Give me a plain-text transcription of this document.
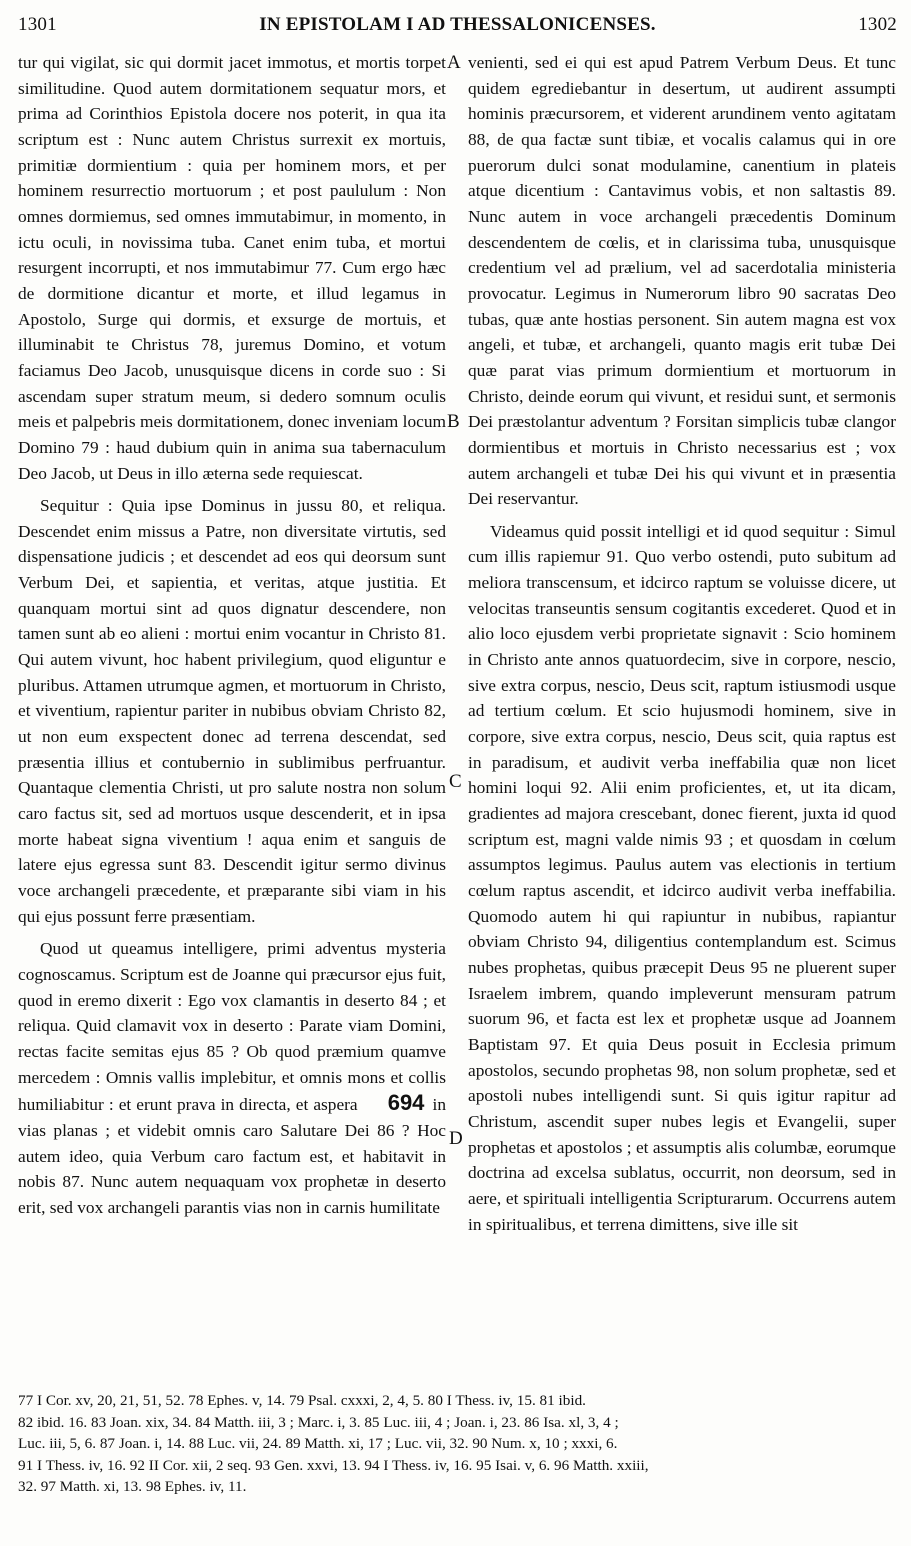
1301	IN EPISTOLAM I AD THESSALONICENSES.	1302
A
B
C
D

tur qui vigilat, sic qui dormit jacet immotus, et mortis torpet similitudine. Quod autem dormitationem sequatur mors, et prima ad Corinthios Epistola docere nos poterit, in qua ita scriptum est : Nunc autem Christus surrexit ex mortuis, primitiæ dormientium : quia per hominem mors, et per hominem resurrectio mortuorum ; et post paululum : Non omnes dormiemus, sed omnes immutabimur, in momento, in ictu oculi, in novissima tuba. Canet enim tuba, et mortui resurgent incorrupti, et nos immutabimur 77. Cum ergo hæc de dormitione dicantur et morte, et illud legamus in Apostolo, Surge qui dormis, et exsurge de mortuis, et illuminabit te Christus 78, juremus Domino, et votum faciamus Deo Jacob, unusquisque dicens in corde suo : Si ascendam super stratum meum, si dedero somnum oculis meis et palpebris meis dormitationem, donec inveniam locum Domino 79 : haud dubium quin in anima sua tabernaculum Deo Jacob, ut Deus in illo æterna sede requiescat.

Sequitur : Quia ipse Dominus in jussu 80, et reliqua. Descendet enim missus a Patre, non diversitate virtutis, sed dispensatione judicis ; et descendet ad eos qui deorsum sunt Verbum Dei, et sapientia, et veritas, atque justitia. Et quanquam mortui sint ad quos dignatur descendere, non tamen sunt ab eo alieni : mortui enim vocantur in Christo 81. Qui autem vivunt, hoc habent privilegium, quod eliguntur e pluribus. Attamen utrumque agmen, et mortuorum in Christo, et viventium, rapientur pariter in nubibus obviam Christo 82, ut non eum exspectent donec ad terrena descendat, sed præsentia illius et contubernio in sublimibus perfruantur. Quantaque clementia Christi, ut pro salute nostra non solum caro factus sit, sed ad mortuos usque descenderit, et in ipsa morte habeat signa viventium ! aqua enim et sanguis de latere ejus egressa sunt 83. Descendit igitur sermo divinus voce archangeli præcedente, et præparante sibi viam in his qui ejus possunt ferre præsentiam.

Quod ut queamus intelligere, primi adventus mysteria cognoscamus. Scriptum est de Joanne qui præcursor ejus fuit, quod in eremo dixerit : Ego vox clamantis in deserto 84 ; et reliqua. Quid clamavit vox in deserto : Parate viam Domini, rectas facite semitas ejus 85 ? Ob quod præmium quamve mercedem : Omnis vallis implebitur, et omnis mons et collis humiliabitur : et erunt prava in directa, et aspera 694 in vias planas ; et videbit omnis caro Salutare Dei 86 ? Hoc autem ideo, quia Verbum caro factum est, et habitavit in nobis 87. Nunc autem nequaquam vox prophetæ in deserto erit, sed vox archangeli parantis vias non in carnis humilitate

venienti, sed ei qui est apud Patrem Verbum Deus. Et tunc quidem egrediebantur in desertum, ut audirent assumpti hominis præcursorem, et viderent arundinem vento agitatam 88, de qua factæ sunt tibiæ, et vocalis calamus qui in ore puerorum dulci sonat modulamine, canentium in plateis atque dicentium : Cantavimus vobis, et non saltastis 89. Nunc autem in voce archangeli præcedentis Dominum descendentem de cœlis, et in clarissima tuba, unusquisque credentium vel ad prælium, vel ad sacerdotalia ministeria provocatur. Legimus in Numerorum libro 90 sacratas Deo tubas, quæ ante hostias personent. Sin autem magna est vox angeli, et tubæ, et archangeli, quanto magis erit tubæ Dei quæ parat vias primum dormientium et mortuorum in Christo, deinde eorum qui vivunt, et residui sunt, et sermonis Dei præstolantur adventum ? Forsitan simplicis tubæ clangor dormientibus et mortuis in Christo necessarius est ; vox autem archangeli et tubæ Dei his qui vivunt et in præsentia Dei reservantur.

Videamus quid possit intelligi et id quod sequitur : Simul cum illis rapiemur 91. Quo verbo ostendi, puto subitum ad meliora transcensum, et idcirco raptum se voluisse dicere, ut velocitas transeuntis sensum cogitantis excederet. Quod et in alio loco ejusdem verbi proprietate signavit : Scio hominem in Christo ante annos quatuordecim, sive in corpore, nescio, sive extra corpus, nescio, Deus scit, raptum istiusmodi usque ad tertium cœlum. Et scio hujusmodi hominem, sive in corpore, sive extra corpus, nescio, Deus scit, quia raptus est in paradisum, et audivit verba ineffabilia quæ non licet homini loqui 92. Alii enim proficientes, et, ut ita dicam, gradientes ad majora crescebant, donec fierent, juxta id quod scriptum est, magni valde nimis 93 ; et quosdam in cœlum assumptos legimus. Paulus autem vas electionis in tertium cœlum raptus ascendit, et idcirco audivit verba ineffabilia. Quomodo autem hi qui rapiuntur in nubibus, rapiantur obviam Christo 94, diligentius contemplandum est. Scimus nubes prophetas, quibus præcepit Deus 95 ne pluerent super Israelem imbrem, quando impleverunt mensuram patrum suorum 96, et facta est lex et prophetæ usque ad Joannem Baptistam 97. Et quia Deus posuit in Ecclesia primum apostolos, secundo prophetas 98, non solum prophetæ, sed et apostoli nubes intelligendi sunt. Si quis igitur rapitur ad Christum, ascendit super nubes legis et Evangelii, super prophetas et apostolos ; et assumptis alis columbæ, eorumque doctrina ad excelsa sublatus, occurrit, non deorsum, sed in aere, et spirituali intelligentia Scripturarum. Occurrens autem in spiritualibus, et terrena dimittens, sive ille sit

77 I Cor. xv, 20, 21, 51, 52. 78 Ephes. v, 14. 79 Psal. cxxxi, 2, 4, 5. 80 I Thess. iv, 15. 81 ibid.
82 ibid. 16. 83 Joan. xix, 34. 84 Matth. iii, 3 ; Marc. i, 3. 85 Luc. iii, 4 ; Joan. i, 23. 86 Isa. xl, 3, 4 ;
Luc. iii, 5, 6. 87 Joan. i, 14. 88 Luc. vii, 24. 89 Matth. xi, 17 ; Luc. vii, 32. 90 Num. x, 10 ; xxxi, 6.
91 I Thess. iv, 16. 92 II Cor. xii, 2 seq. 93 Gen. xxvi, 13. 94 I Thess. iv, 16. 95 Isai. v, 6. 96 Matth. xxiii,
32. 97 Matth. xi, 13. 98 Ephes. iv, 11.
